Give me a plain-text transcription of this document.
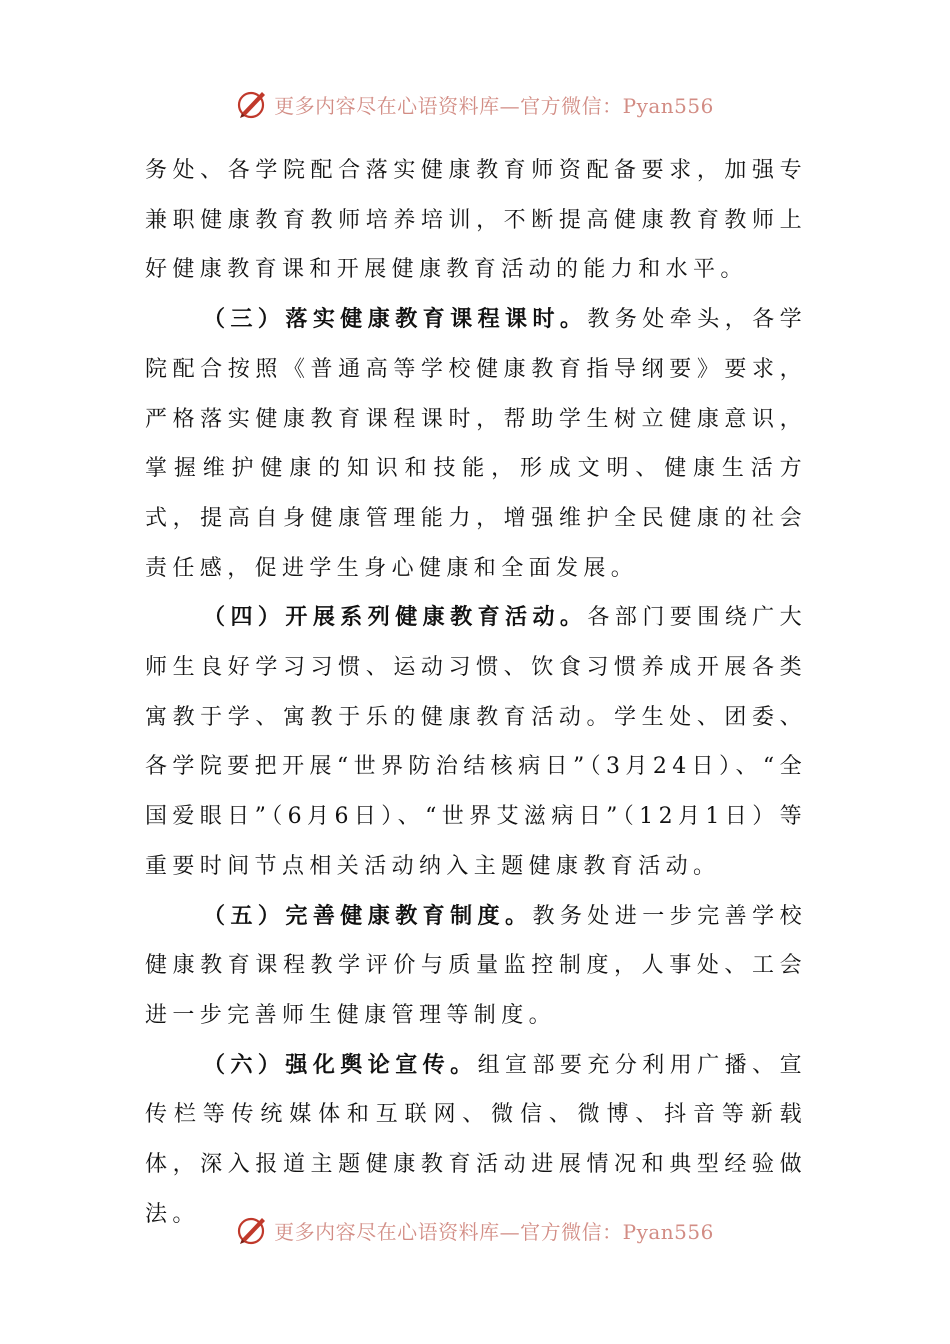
更多内容尽在心语资料库—官方微信：Pyan556

务处、各学院配合落实健康教育师资配备要求，加强专兼职健康教育教师培养培训，不断提高健康教育教师上好健康教育课和开展健康教育活动的能力和水平。

（三）落实健康教育课程课时。教务处牵头，各学院配合按照《普通高等学校健康教育指导纲要》要求，严格落实健康教育课程课时，帮助学生树立健康意识，掌握维护健康的知识和技能，形成文明、健康生活方式，提高自身健康管理能力，增强维护全民健康的社会责任感，促进学生身心健康和全面发展。

（四）开展系列健康教育活动。各部门要围绕广大师生良好学习习惯、运动习惯、饮食习惯养成开展各类寓教于学、寓教于乐的健康教育活动。学生处、团委、各学院要把开展“世界防治结核病日”（3月24日）、“全国爱眼日”（6月6日）、“世界艾滋病日”（12月1日）等重要时间节点相关活动纳入主题健康教育活动。

（五）完善健康教育制度。教务处进一步完善学校健康教育课程教学评价与质量监控制度，人事处、工会进一步完善师生健康管理等制度。

（六）强化舆论宣传。组宣部要充分利用广播、宣传栏等传统媒体和互联网、微信、微博、抖音等新载体，深入报道主题健康教育活动进展情况和典型经验做法。

更多内容尽在心语资料库—官方微信：Pyan556
